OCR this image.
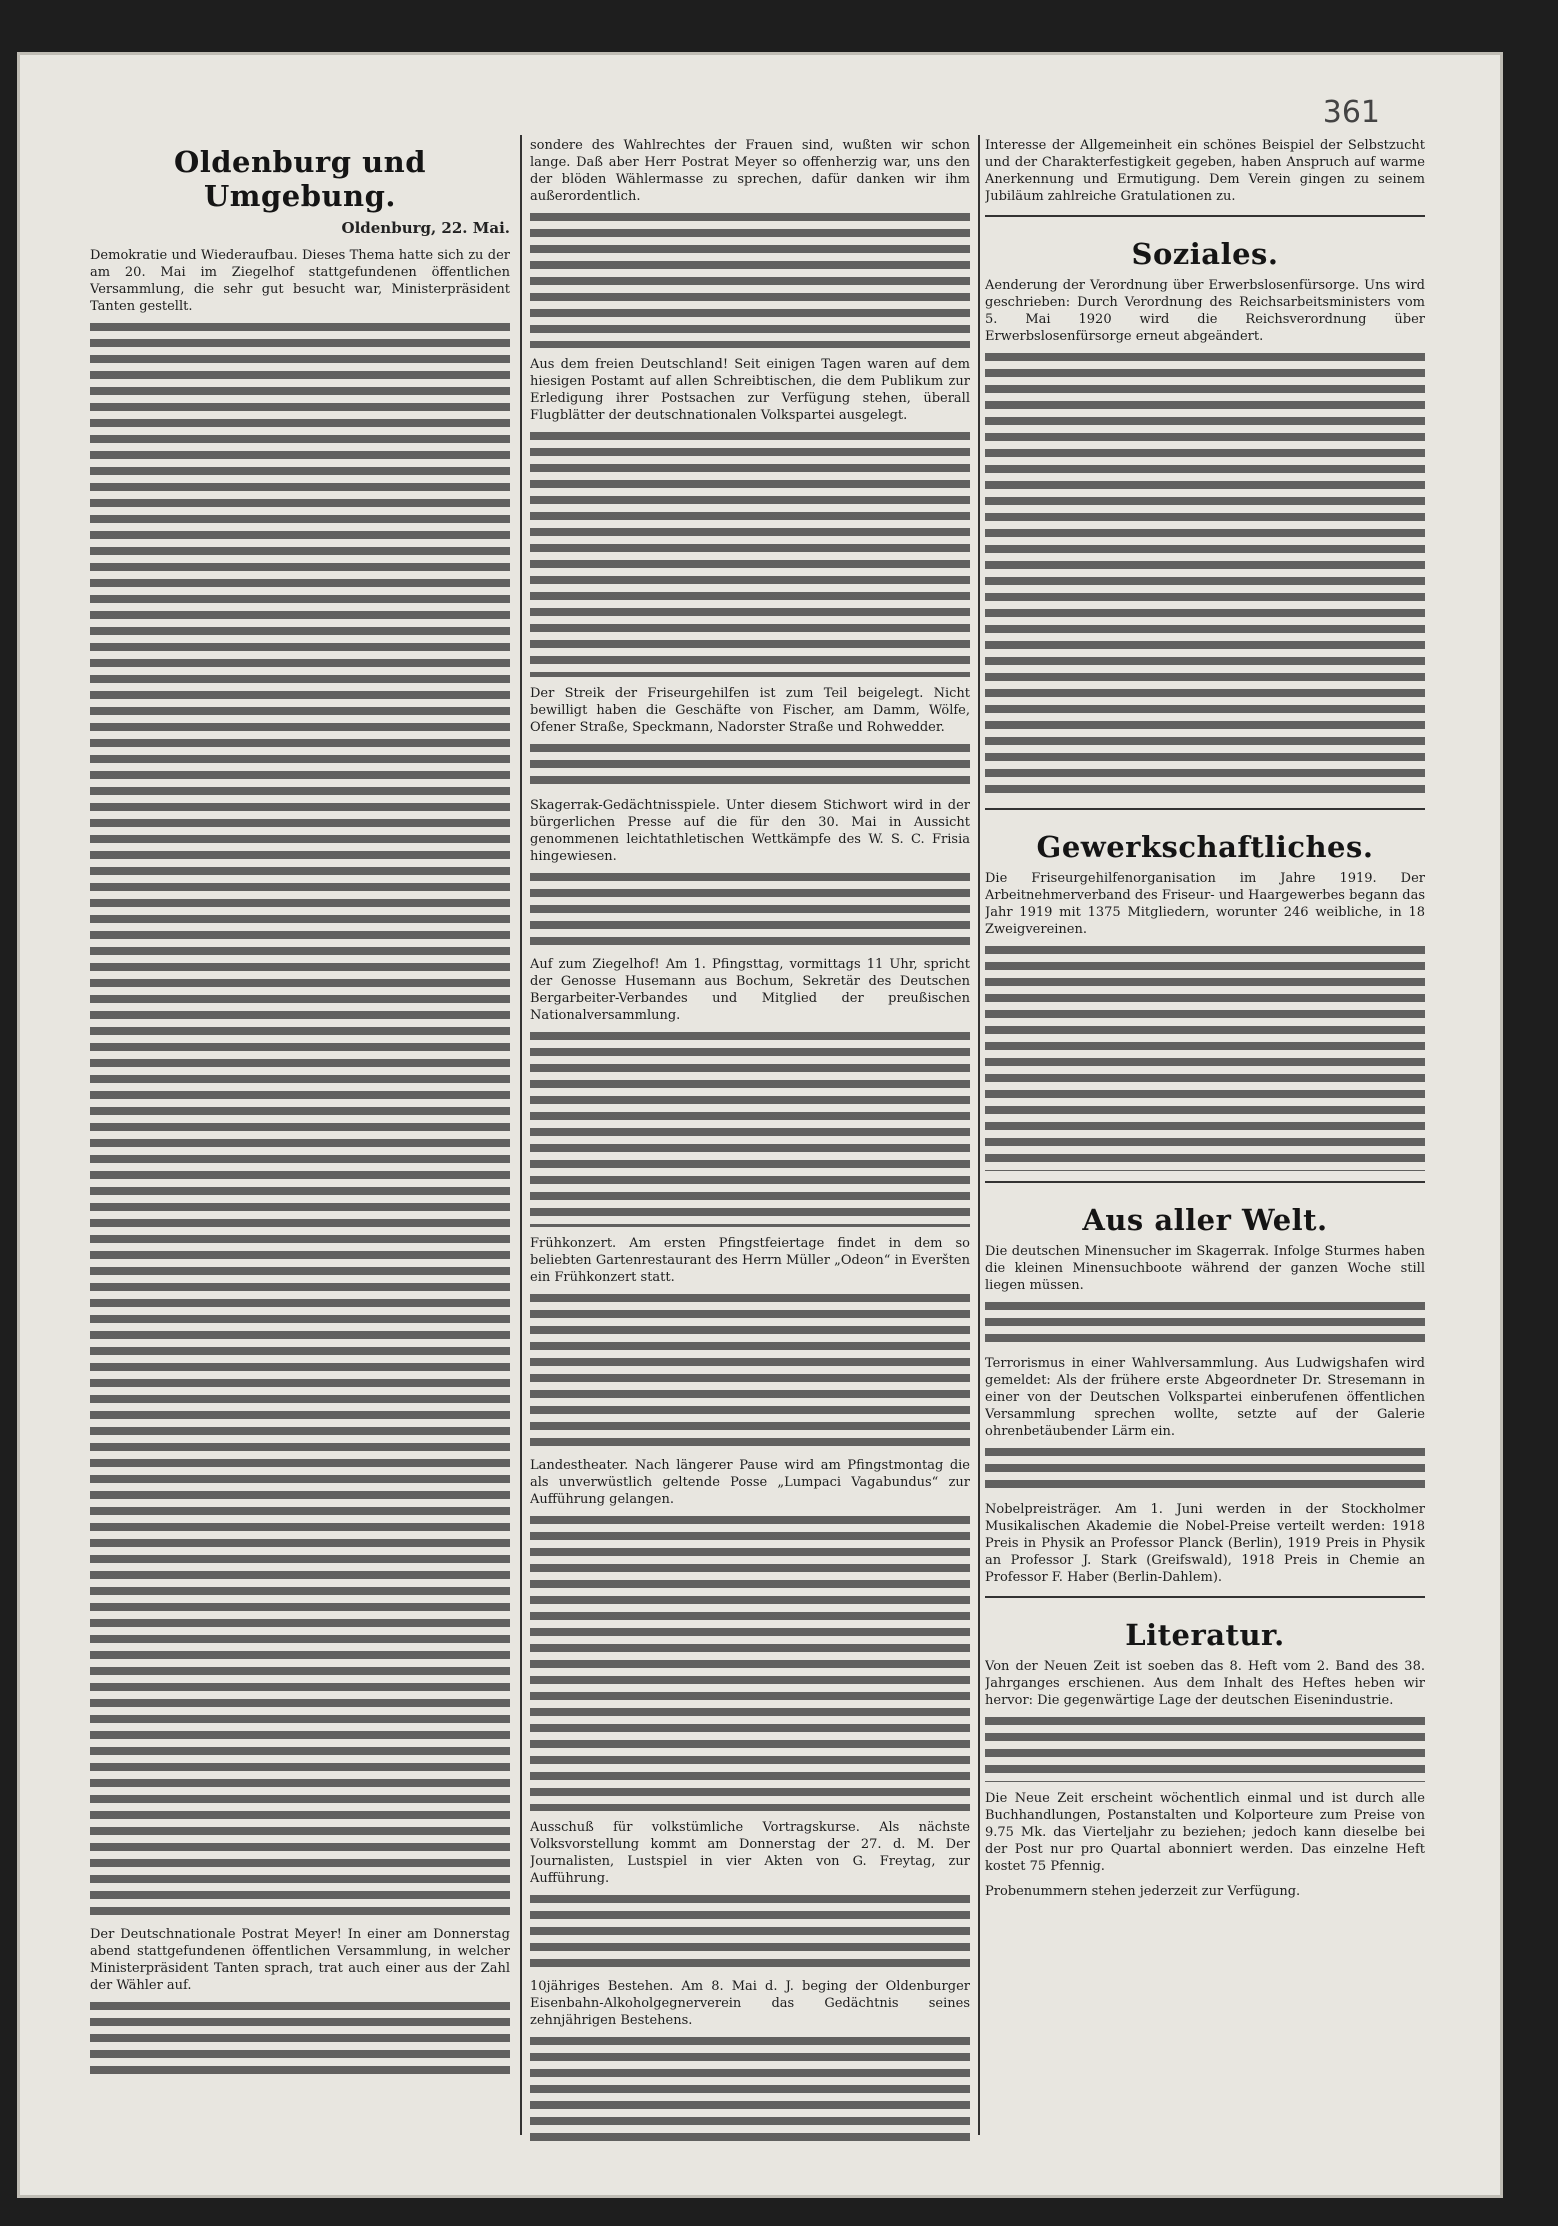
361
Oldenburg und Umgebung.
Oldenburg, 22. Mai.

Demokratie und Wiederaufbau. Dieses Thema hatte sich zu der am 20. Mai im Ziegelhof stattgefundenen öffentlichen Versammlung, die sehr gut besucht war, Ministerpräsident Tanten gestellt.

Der Deutschnationale Postrat Meyer! In einer am Donnerstag abend stattgefundenen öffentlichen Versammlung, in welcher Ministerpräsident Tanten sprach, trat auch einer aus der Zahl der Wähler auf.

sondere des Wahlrechtes der Frauen sind, wußten wir schon lange. Daß aber Herr Postrat Meyer so offenherzig war, uns den der blöden Wählermasse zu sprechen, dafür danken wir ihm außerordentlich.

Aus dem freien Deutschland! Seit einigen Tagen waren auf dem hiesigen Postamt auf allen Schreibtischen, die dem Publikum zur Erledigung ihrer Postsachen zur Verfügung stehen, überall Flugblätter der deutschnationalen Volkspartei ausgelegt.

Der Streik der Friseurgehilfen ist zum Teil beigelegt. Nicht bewilligt haben die Geschäfte von Fischer, am Damm, Wölfe, Ofener Straße, Speckmann, Nadorster Straße und Rohwedder.

Skagerrak-Gedächtnisspiele. Unter diesem Stichwort wird in der bürgerlichen Presse auf die für den 30. Mai in Aussicht genommenen leichtathletischen Wettkämpfe des W. S. C. Frisia hingewiesen.

Auf zum Ziegelhof! Am 1. Pfingsttag, vormittags 11 Uhr, spricht der Genosse Husemann aus Bochum, Sekretär des Deutschen Bergarbeiter-Verbandes und Mitglied der preußischen Nationalversammlung.

Frühkonzert. Am ersten Pfingstfeiertage findet in dem so beliebten Gartenrestaurant des Herrn Müller „Odeon“ in Everšten ein Frühkonzert statt.

Landestheater. Nach längerer Pause wird am Pfingstmontag die als unverwüstlich geltende Posse „Lumpaci Vagabundus“ zur Aufführung gelangen.

Ausschuß für volkstümliche Vortragskurse. Als nächste Volksvorstellung kommt am Donnerstag der 27. d. M. Der Journalisten, Lustspiel in vier Akten von G. Freytag, zur Aufführung.

10jähriges Bestehen. Am 8. Mai d. J. beging der Oldenburger Eisenbahn-Alkoholgegnerverein das Gedächtnis seines zehnjährigen Bestehens.

Interesse der Allgemeinheit ein schönes Beispiel der Selbstzucht und der Charakterfestigkeit gegeben, haben Anspruch auf warme Anerkennung und Ermutigung. Dem Verein gingen zu seinem Jubiläum zahlreiche Gratulationen zu.

Soziales.

Aenderung der Verordnung über Erwerbslosenfürsorge. Uns wird geschrieben: Durch Verordnung des Reichsarbeitsministers vom 5. Mai 1920 wird die Reichsverordnung über Erwerbslosenfürsorge erneut abgeändert.

Gewerkschaftliches.

Die Friseurgehilfenorganisation im Jahre 1919. Der Arbeitnehmerverband des Friseur- und Haargewerbes begann das Jahr 1919 mit 1375 Mitgliedern, worunter 246 weibliche, in 18 Zweigvereinen.

Aus aller Welt.

Die deutschen Minensucher im Skagerrak. Infolge Sturmes haben die kleinen Minensuchboote während der ganzen Woche still liegen müssen.

Terrorismus in einer Wahlversammlung. Aus Ludwigshafen wird gemeldet: Als der frühere erste Abgeordneter Dr. Stresemann in einer von der Deutschen Volkspartei einberufenen öffentlichen Versammlung sprechen wollte, setzte auf der Galerie ohrenbetäubender Lärm ein.

Nobelpreisträger. Am 1. Juni werden in der Stockholmer Musikalischen Akademie die Nobel-Preise verteilt werden: 1918 Preis in Physik an Professor Planck (Berlin), 1919 Preis in Physik an Professor J. Stark (Greifswald), 1918 Preis in Chemie an Professor F. Haber (Berlin-Dahlem).

Literatur.

Von der Neuen Zeit ist soeben das 8. Heft vom 2. Band des 38. Jahrganges erschienen. Aus dem Inhalt des Heftes heben wir hervor: Die gegenwärtige Lage der deutschen Eisenindustrie.

Die Neue Zeit erscheint wöchentlich einmal und ist durch alle Buchhandlungen, Postanstalten und Kolporteure zum Preise von 9.75 Mk. das Vierteljahr zu beziehen; jedoch kann dieselbe bei der Post nur pro Quartal abonniert werden. Das einzelne Heft kostet 75 Pfennig.

Probenummern stehen jederzeit zur Verfügung.
